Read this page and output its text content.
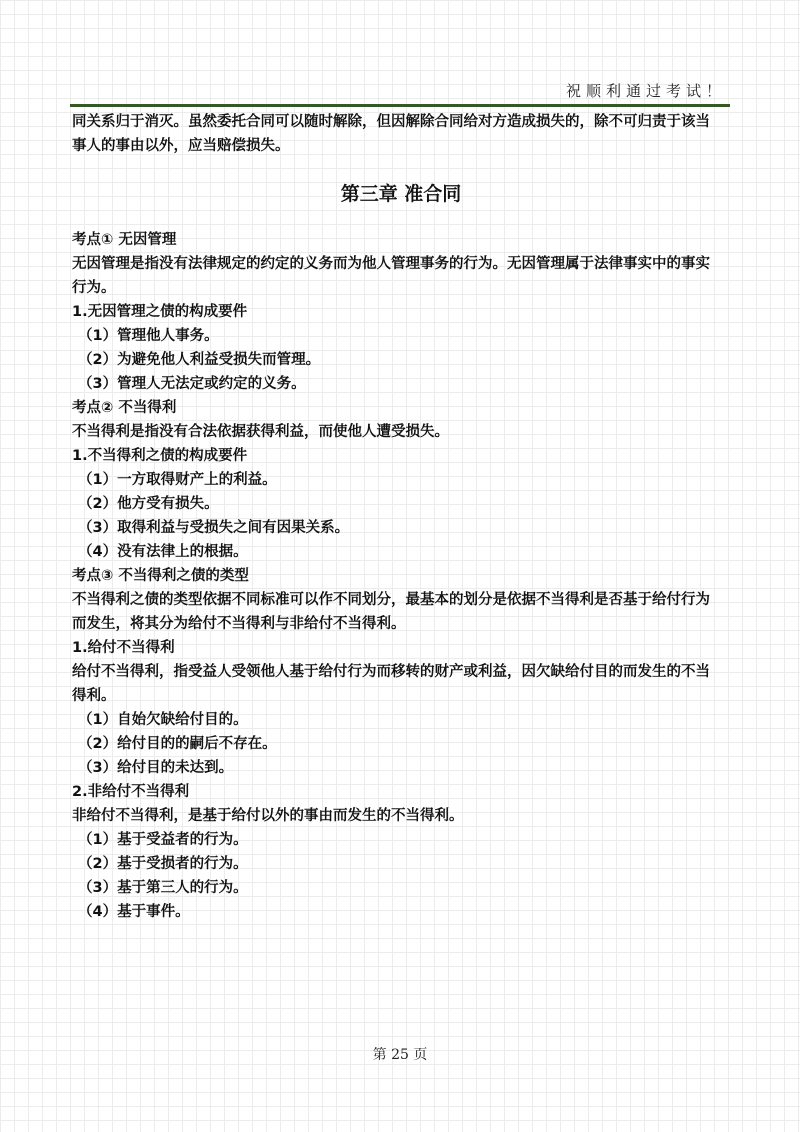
祝顺利通过考试！

同关系归于消灭。虽然委托合同可以随时解除，但因解除合同给对方造成损失的，除不可归责于该当

事人的事由以外，应当赔偿损失。

第三章 准合同

考点① 无因管理

无因管理是指没有法律规定的约定的义务而为他人管理事务的行为。无因管理属于法律事实中的事实

行为。

1.无因管理之债的构成要件

（1）管理他人事务。

（2）为避免他人利益受损失而管理。

（3）管理人无法定或约定的义务。

考点② 不当得利

不当得利是指没有合法依据获得利益，而使他人遭受损失。

1.不当得利之债的构成要件

（1）一方取得财产上的利益。

（2）他方受有损失。

（3）取得利益与受损失之间有因果关系。

（4）没有法律上的根据。

考点③ 不当得利之债的类型

不当得利之债的类型依据不同标准可以作不同划分，最基本的划分是依据不当得利是否基于给付行为

而发生，将其分为给付不当得利与非给付不当得利。

1.给付不当得利

给付不当得利，指受益人受领他人基于给付行为而移转的财产或利益，因欠缺给付目的而发生的不当

得利。

（1）自始欠缺给付目的。

（2）给付目的的嗣后不存在。

（3）给付目的未达到。

2.非给付不当得利

非给付不当得利，是基于给付以外的事由而发生的不当得利。

（1）基于受益者的行为。

（2）基于受损者的行为。

（3）基于第三人的行为。

（4）基于事件。

第 25 页
